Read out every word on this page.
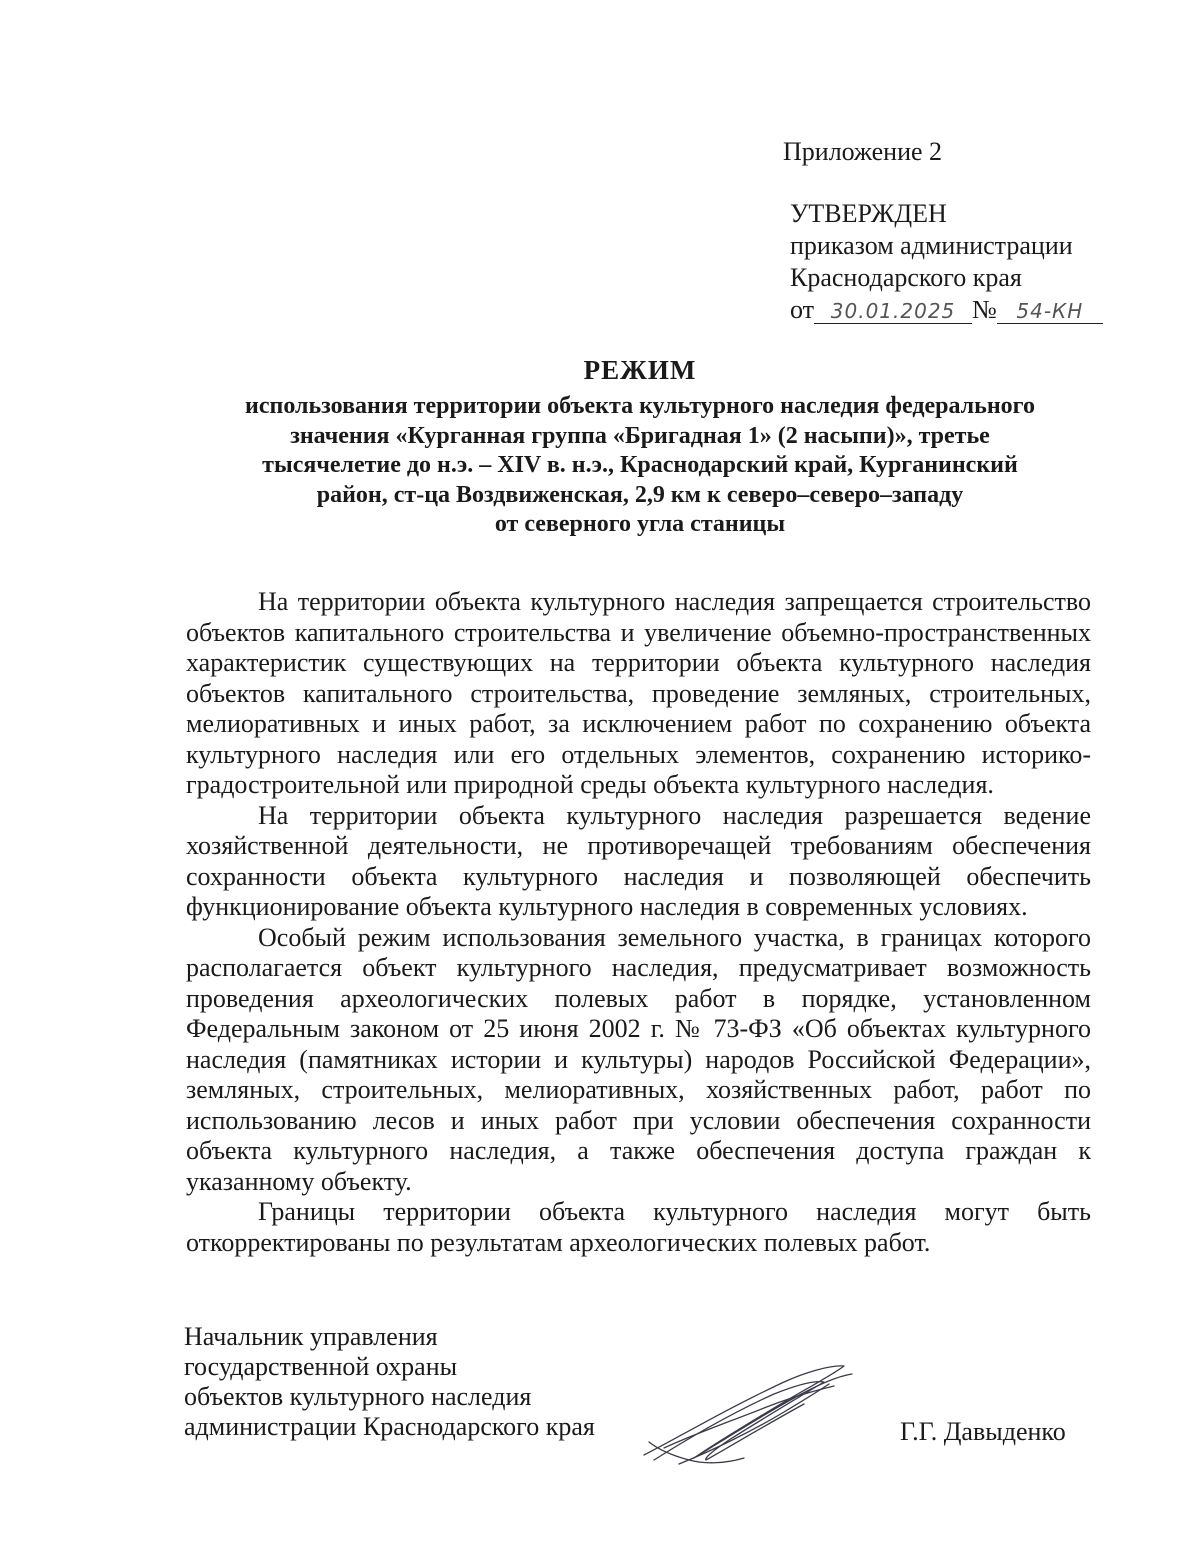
Приложение 2
УТВЕРЖДЕН
приказом администрации
Краснодарского края
от 30.01.2025 № 54-КН
РЕЖИМ
использования территории объекта культурного наследия федерального
значения «Курганная группа «Бригадная 1» (2 насыпи)», третье
тысячелетие до н.э. – XIV в. н.э., Краснодарский край, Курганинский
район, ст-ца Воздвиженская, 2,9 км к северо–северо–западу
от северного угла станицы

На территории объекта культурного наследия запрещается строительство объектов капитального строительства и увеличение объемно-пространственных характеристик существующих на территории объекта культурного наследия объектов капитального строительства, проведение земляных, строительных, мелиоративных и иных работ, за исключением работ по сохранению объекта культурного наследия или его отдельных элементов, сохранению историко-градостроительной или природной среды объекта культурного наследия.

На территории объекта культурного наследия разрешается ведение хозяйственной деятельности, не противоречащей требованиям обеспечения сохранности объекта культурного наследия и позволяющей обеспечить функционирование объекта культурного наследия в современных условиях.

Особый режим использования земельного участка, в границах которого располагается объект культурного наследия, предусматривает возможность проведения археологических полевых работ в порядке, установленном Федеральным законом от 25 июня 2002 г. № 73-ФЗ «Об объектах культурного наследия (памятниках истории и культуры) народов Российской Федерации», земляных, строительных, мелиоративных, хозяйственных работ, работ по использованию лесов и иных работ при условии обеспечения сохранности объекта культурного наследия, а также обеспечения доступа граждан к указанному объекту.

Границы территории объекта культурного наследия могут быть откорректированы по результатам археологических полевых работ.

Начальник управления
государственной охраны
объектов культурного наследия
администрации Краснодарского края	Г.Г. Давыденко
